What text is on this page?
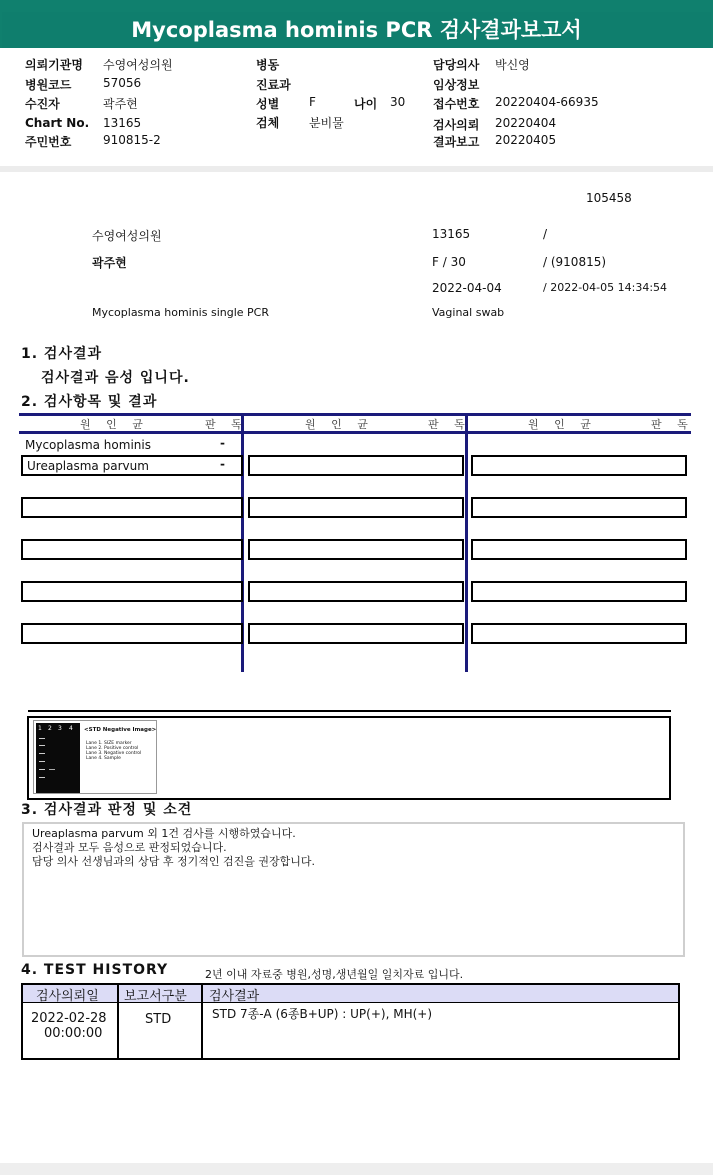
Mycoplasma hominis PCR 검사결과보고서
의뢰기관명 수영여성의원
병원코드	57056
수진자	곽주현
Chart No. 13165
주민번호	910815-2
병동
진료과
성별 F	나이 30
검체 분비물
담당의사 박신영
임상정보
접수번호 20220404-66935
검사의뢰 20220404
결과보고 20220405
105458
수영여성의원	13165	/
곽주현	F / 30	/ (910815)
2022-04-04	/ 2022-04-05 14:34:54
Mycoplasma hominis single PCR	Vaginal swab
1. 검사결과
검사결과 음성 입니다.
2. 검사항목 및 결과
원 인 균	판 독	원 인 균	판 독	원 인 균	판 독
Mycoplasma hominis	-
Ureaplasma parvum	-
1 2 3 4 <STD Negative Image>
Lane 1. SIZE marker
Lane 2. Positive control
Lane 3. Negative control
Lane 4. Sample
3. 검사결과 판정 및 소견
Ureaplasma parvum 외 1건 검사를 시행하였습니다.
검사결과 모두 음성으로 판정되었습니다.
담당 의사 선생님과의 상담 후 정기적인 검진을 권장합니다.
4. TEST HISTORY	2년 이내 자료중 병원,성명,생년월일 일치자료 입니다.
검사의뢰일 보고서구분 검사결과
2022-02-28
00:00:00
STD	STD 7종-A (6종B+UP) : UP(+), MH(+)
